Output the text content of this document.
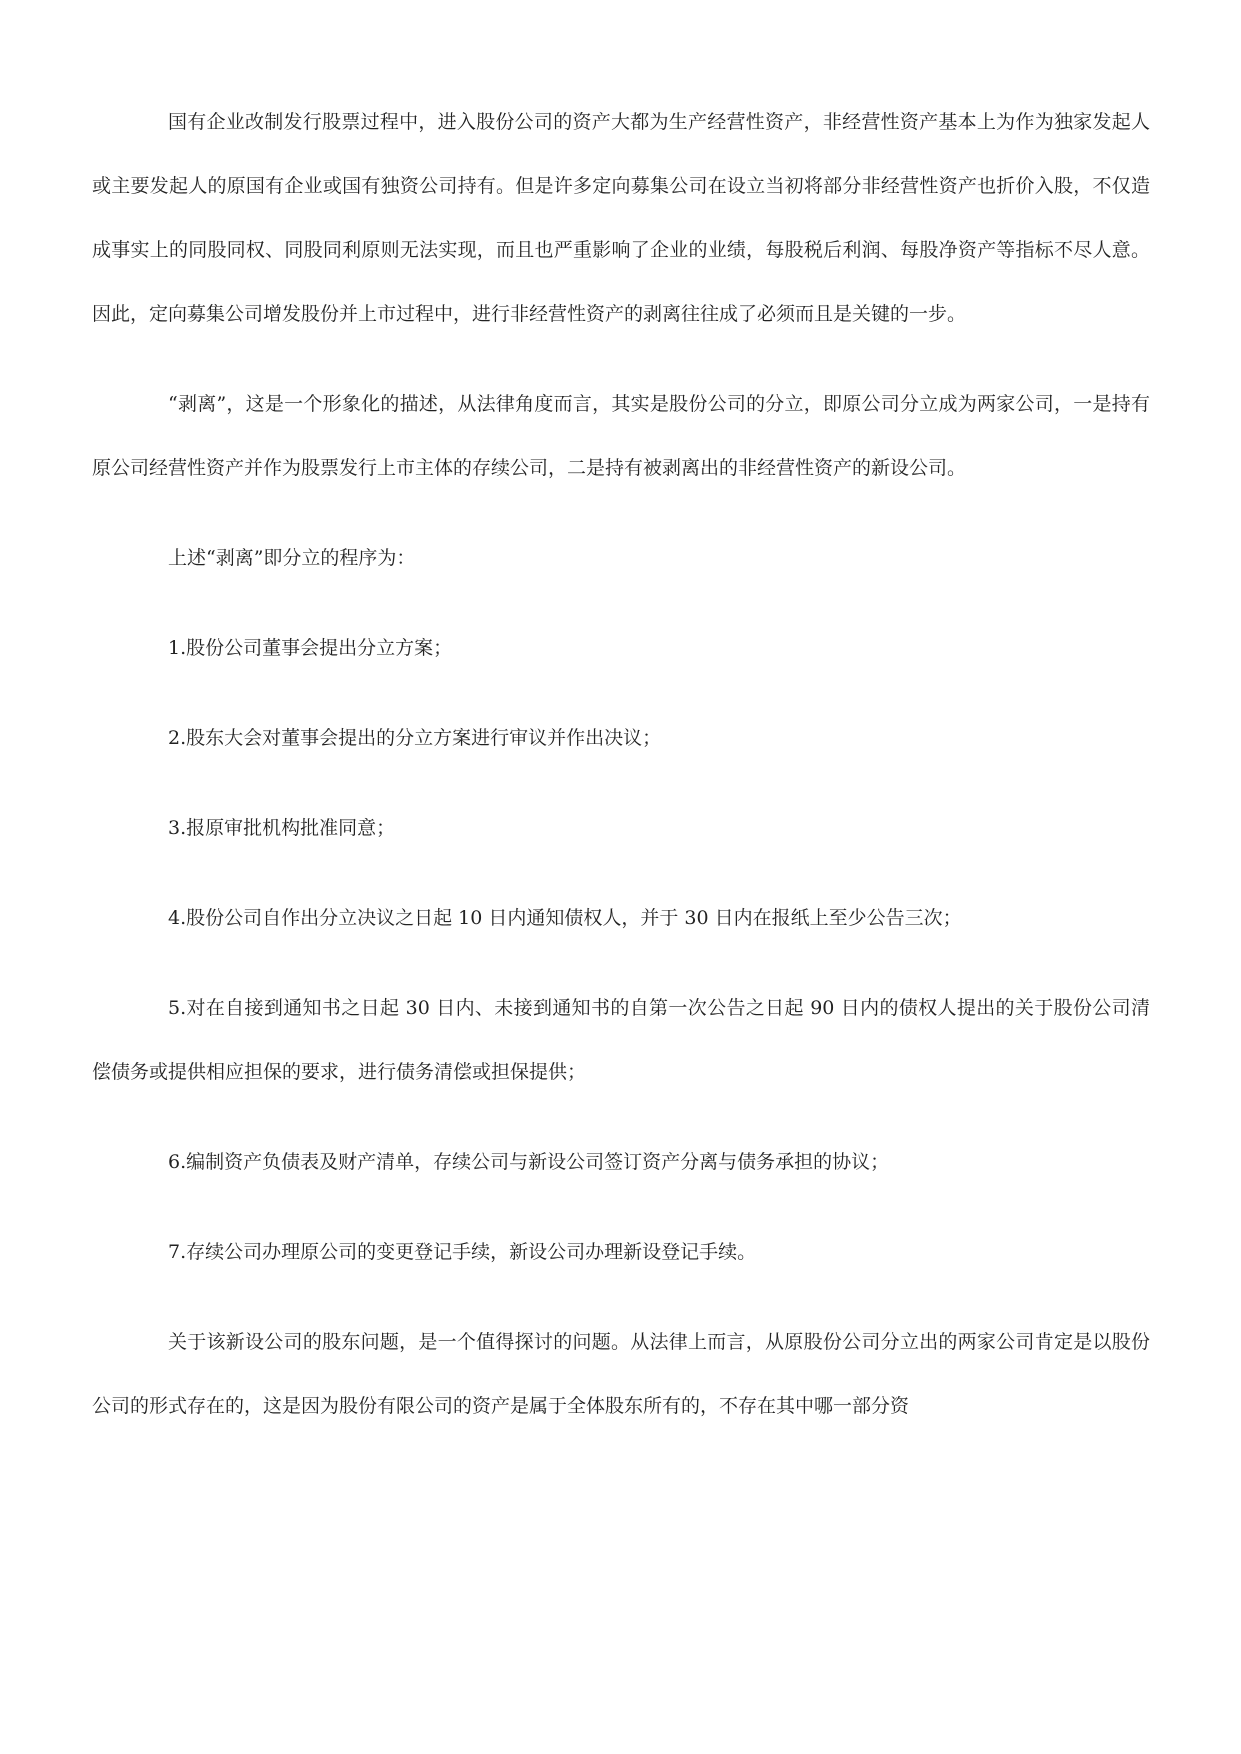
国有企业改制发行股票过程中，进入股份公司的资产大都为生产经营性资产，非经营性资产基本上为作为独家发起人或主要发起人的原国有企业或国有独资公司持有。但是许多定向募集公司在设立当初将部分非经营性资产也折价入股，不仅造成事实上的同股同权、同股同利原则无法实现，而且也严重影响了企业的业绩，每股税后利润、每股净资产等指标不尽人意。因此，定向募集公司增发股份并上市过程中，进行非经营性资产的剥离往往成了必须而且是关键的一步。

“剥离”，这是一个形象化的描述，从法律角度而言，其实是股份公司的分立，即原公司分立成为两家公司，一是持有原公司经营性资产并作为股票发行上市主体的存续公司，二是持有被剥离出的非经营性资产的新设公司。

上述“剥离”即分立的程序为：

1.股份公司董事会提出分立方案；

2.股东大会对董事会提出的分立方案进行审议并作出决议；

3.报原审批机构批准同意；

4.股份公司自作出分立决议之日起 10 日内通知债权人，并于 30 日内在报纸上至少公告三次；

5.对在自接到通知书之日起 30 日内、未接到通知书的自第一次公告之日起 90 日内的债权人提出的关于股份公司清偿债务或提供相应担保的要求，进行债务清偿或担保提供；

6.编制资产负债表及财产清单，存续公司与新设公司签订资产分离与债务承担的协议；

7.存续公司办理原公司的变更登记手续，新设公司办理新设登记手续。

关于该新设公司的股东问题，是一个值得探讨的问题。从法律上而言，从原股份公司分立出的两家公司肯定是以股份公司的形式存在的，这是因为股份有限公司的资产是属于全体股东所有的，不存在其中哪一部分资
